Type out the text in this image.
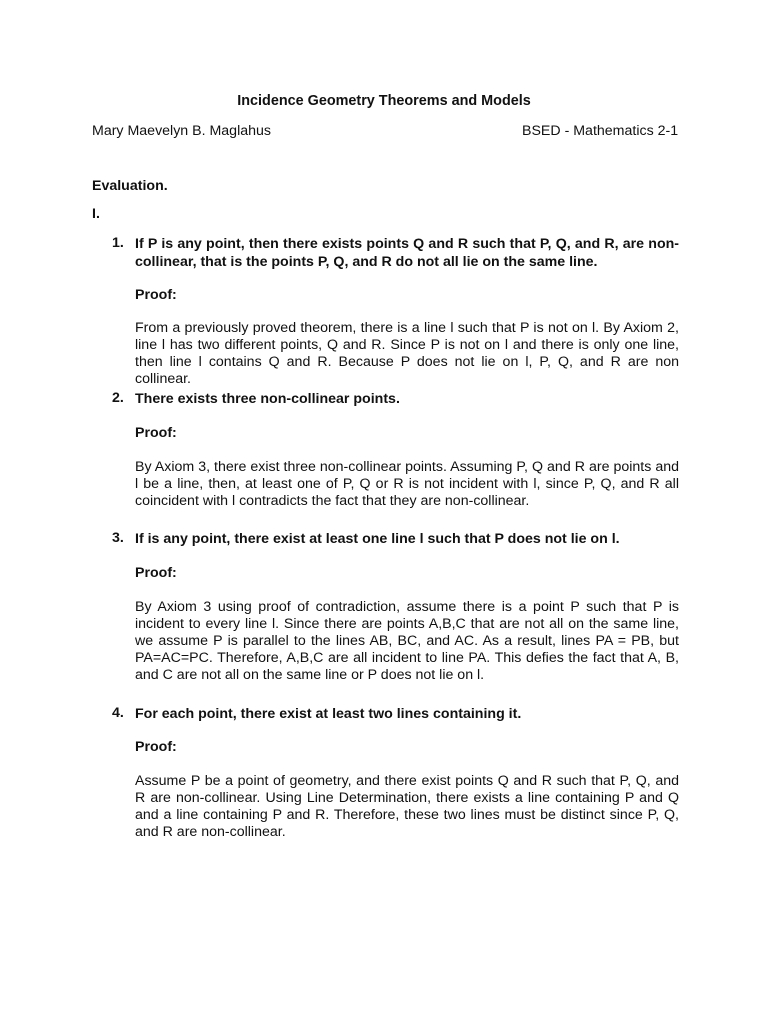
Incidence Geometry Theorems and Models
Mary Maevelyn B. Maglahus	BSED - Mathematics 2-1
Evaluation.
I.
1. If P is any point, then there exists points Q and R such that P, Q, and R, are non-collinear, that is the points P, Q, and R do not all lie on the same line.
Proof:
From a previously proved theorem, there is a line l such that P is not on l. By Axiom 2, line l has two different points, Q and R. Since P is not on l and there is only one line, then line l contains Q and R. Because P does not lie on l, P, Q, and R are non collinear.
2. There exists three non-collinear points.
Proof:
By Axiom 3, there exist three non-collinear points. Assuming P, Q and R are points and l be a line, then, at least one of P, Q or R is not incident with l, since P, Q, and R all coincident with l contradicts the fact that they are non-collinear.
3. If is any point, there exist at least one line l such that P does not lie on l.
Proof:
By Axiom 3 using proof of contradiction, assume there is a point P such that P is incident to every line l. Since there are points A,B,C that are not all on the same line, we assume P is parallel to the lines AB, BC, and AC. As a result, lines PA = PB, but PA=AC=PC. Therefore, A,B,C are all incident to line PA. This defies the fact that A, B, and C are not all on the same line or P does not lie on l.
4. For each point, there exist at least two lines containing it.
Proof:
Assume P be a point of geometry, and there exist points Q and R such that P, Q, and R are non-collinear. Using Line Determination, there exists a line containing P and Q and a line containing P and R. Therefore, these two lines must be distinct since P, Q, and R are non-collinear.
